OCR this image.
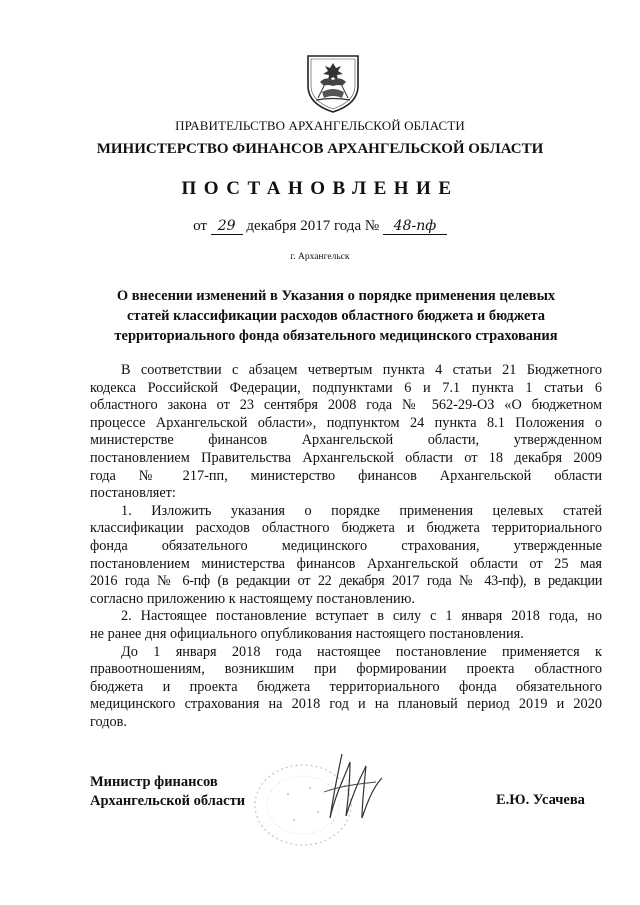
ПРАВИТЕЛЬСТВО АРХАНГЕЛЬСКОЙ ОБЛАСТИ
МИНИСТЕРСТВО ФИНАНСОВ АРХАНГЕЛЬСКОЙ ОБЛАСТИ
ПОСТАНОВЛЕНИЕ
от 29 декабря 2017 года № 48-пф
г. Архангельск
О внесении изменений в Указания о порядке применения целевых
статей классификации расходов областного бюджета и бюджета
территориального фонда обязательного медицинского страхования
В соответствии с абзацем четвертым пункта 4 статьи 21 Бюджетного
кодекса Российской Федерации, подпунктами 6 и 7.1 пункта 1 статьи 6
областного закона от 23 сентября 2008 года № 562-29-ОЗ «О бюджетном
процессе Архангельской области», подпунктом 24 пункта 8.1 Положения о
министерстве финансов Архангельской области, утвержденном
постановлением Правительства Архангельской области от 18 декабря 2009
года № 217-пп, министерство финансов Архангельской области
постановляет:
1. Изложить указания о порядке применения целевых статей
классификации расходов областного бюджета и бюджета территориального
фонда обязательного медицинского страхования, утвержденные
постановлением министерства финансов Архангельской области от 25 мая
2016 года № 6-пф (в редакции от 22 декабря 2017 года № 43-пф), в редакции
согласно приложению к настоящему постановлению.
2. Настоящее постановление вступает в силу с 1 января 2018 года, но
не ранее дня официального опубликования настоящего постановления.
До 1 января 2018 года настоящее постановление применяется к
правоотношениям, возникшим при формировании проекта областного
бюджета и проекта бюджета территориального фонда обязательного
медицинского страхования на 2018 год и на плановый период 2019 и 2020
годов.
Министр финансов
Архангельской области	Е.Ю. Усачева
